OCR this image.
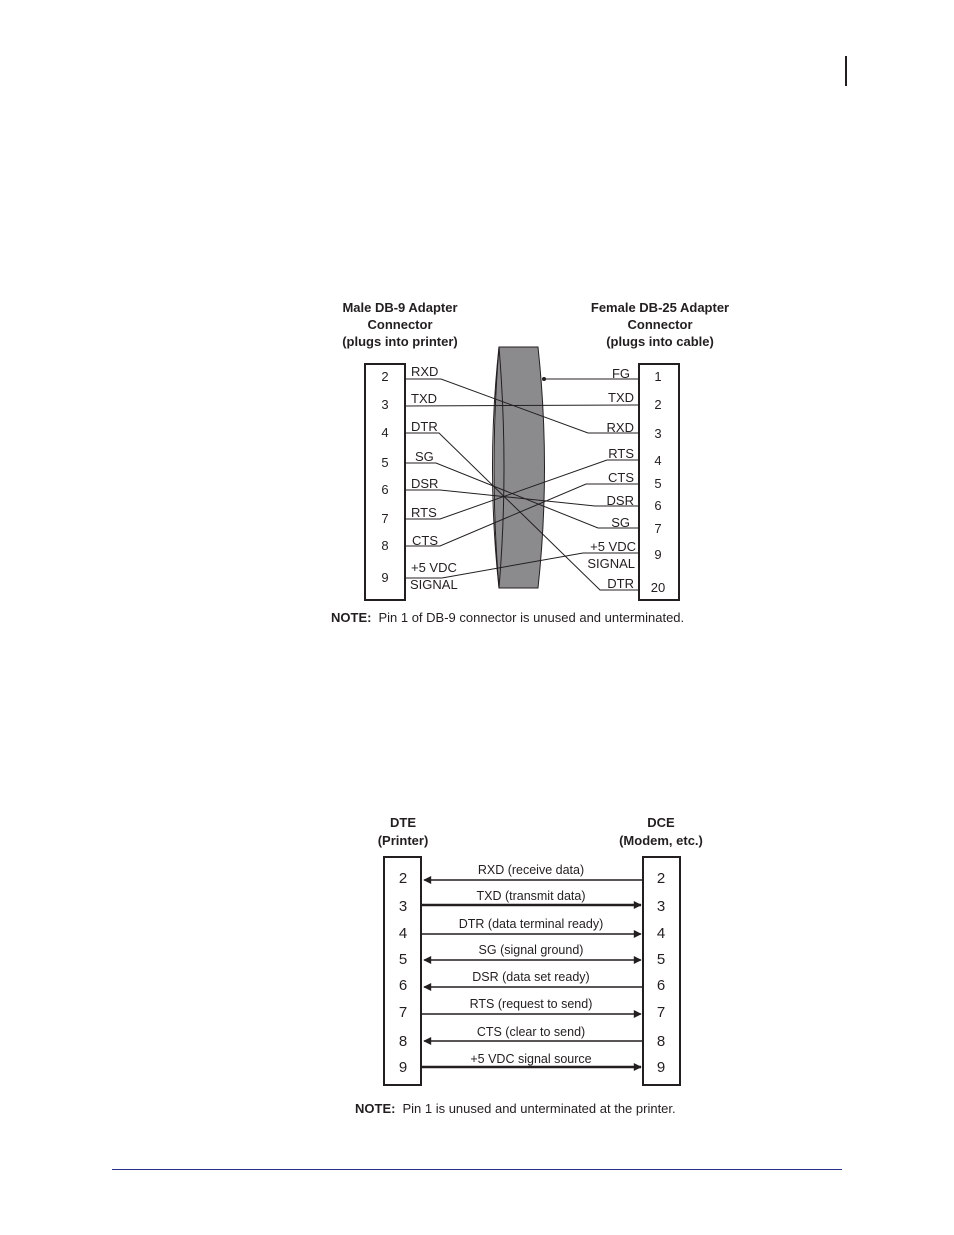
Male DB-9 Adapter
Connector
(plugs into printer)
Female DB-25 Adapter
Connector
(plugs into cable)
2
3
4
5
6
7
8
9
RXD
TXD
DTR
SG
DSR
RTS
CTS
+5 VDC
SIGNAL
FG
TXD
RXD
RTS
CTS
DSR
SG
+5 VDC
SIGNAL
DTR
1
2
3
4
5
6
7
9
20
NOTE: Pin 1 of DB-9 connector is unused and unterminated.
DTE
(Printer)
DCE
(Modem, etc.)
2
3
4
5
6
7
8
9
2
3
4
5
6
7
8
9
RXD (receive data)
TXD (transmit data)
DTR (data terminal ready)
SG (signal ground)
DSR (data set ready)
RTS (request to send)
CTS (clear to send)
+5 VDC signal source
NOTE: Pin 1 is unused and unterminated at the printer.
